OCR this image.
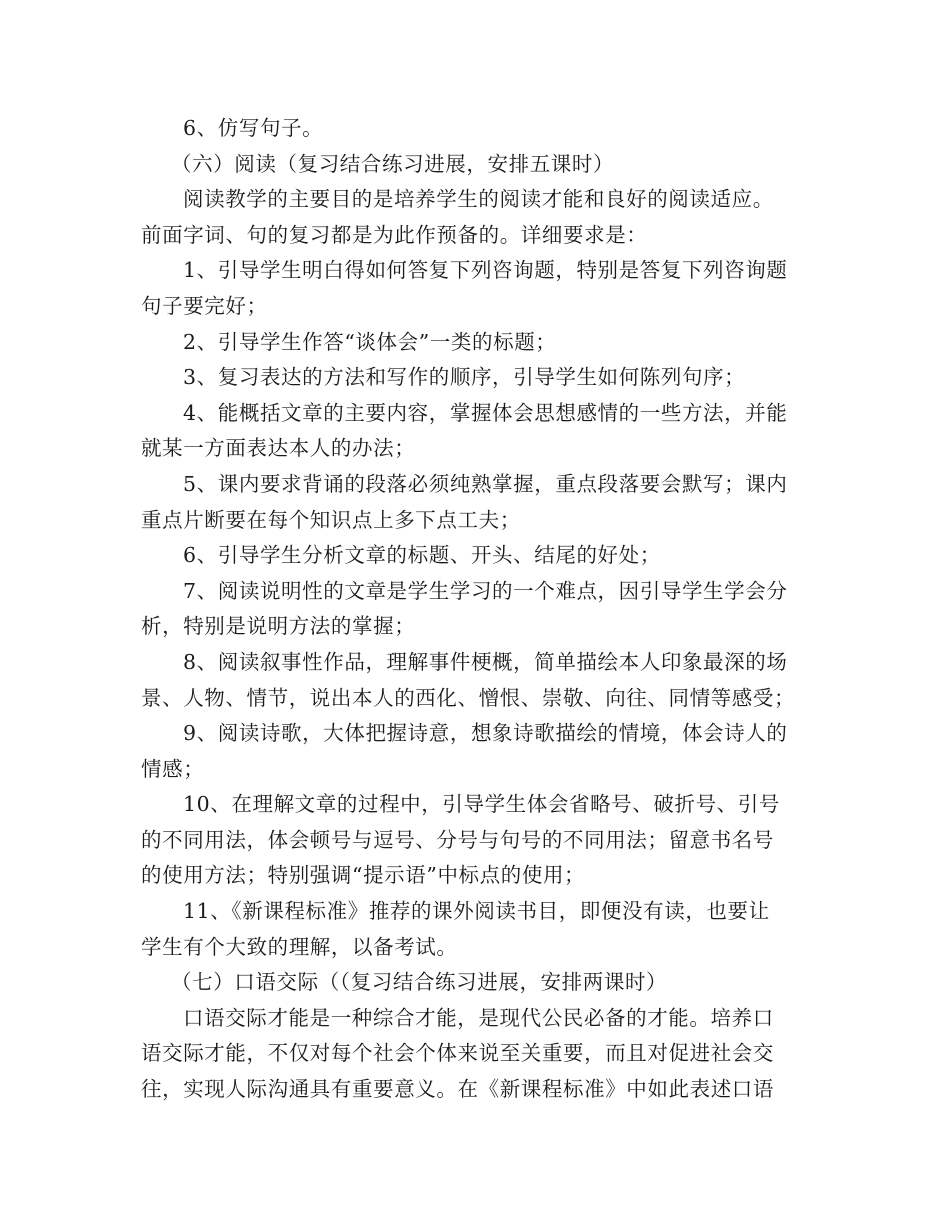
6、仿写句子。
（六）阅读（复习结合练习进展，安排五课时）
阅读教学的主要目的是培养学生的阅读才能和良好的阅读适应。
前面字词、句的复习都是为此作预备的。详细要求是：
1、引导学生明白得如何答复下列咨询题，特别是答复下列咨询题
句子要完好；
2、引导学生作答“谈体会”一类的标题；
3、复习表达的方法和写作的顺序，引导学生如何陈列句序；
4、能概括文章的主要内容，掌握体会思想感情的一些方法，并能
就某一方面表达本人的办法；
5、课内要求背诵的段落必须纯熟掌握，重点段落要会默写；课内
重点片断要在每个知识点上多下点工夫；
6、引导学生分析文章的标题、开头、结尾的好处；
7、阅读说明性的文章是学生学习的一个难点，因引导学生学会分
析，特别是说明方法的掌握；
8、阅读叙事性作品，理解事件梗概，简单描绘本人印象最深的场
景、人物、情节，说出本人的西化、憎恨、崇敬、向往、同情等感受；
9、阅读诗歌，大体把握诗意，想象诗歌描绘的情境，体会诗人的
情感；
10、在理解文章的过程中，引导学生体会省略号、破折号、引号
的不同用法，体会顿号与逗号、分号与句号的不同用法；留意书名号
的使用方法；特别强调“提示语”中标点的使用；
11、《新课程标准》推荐的课外阅读书目，即便没有读，也要让
学生有个大致的理解，以备考试。
（七）口语交际（（复习结合练习进展，安排两课时）
口语交际才能是一种综合才能，是现代公民必备的才能。培养口
语交际才能，不仅对每个社会个体来说至关重要，而且对促进社会交
往，实现人际沟通具有重要意义。在《新课程标准》中如此表述口语
